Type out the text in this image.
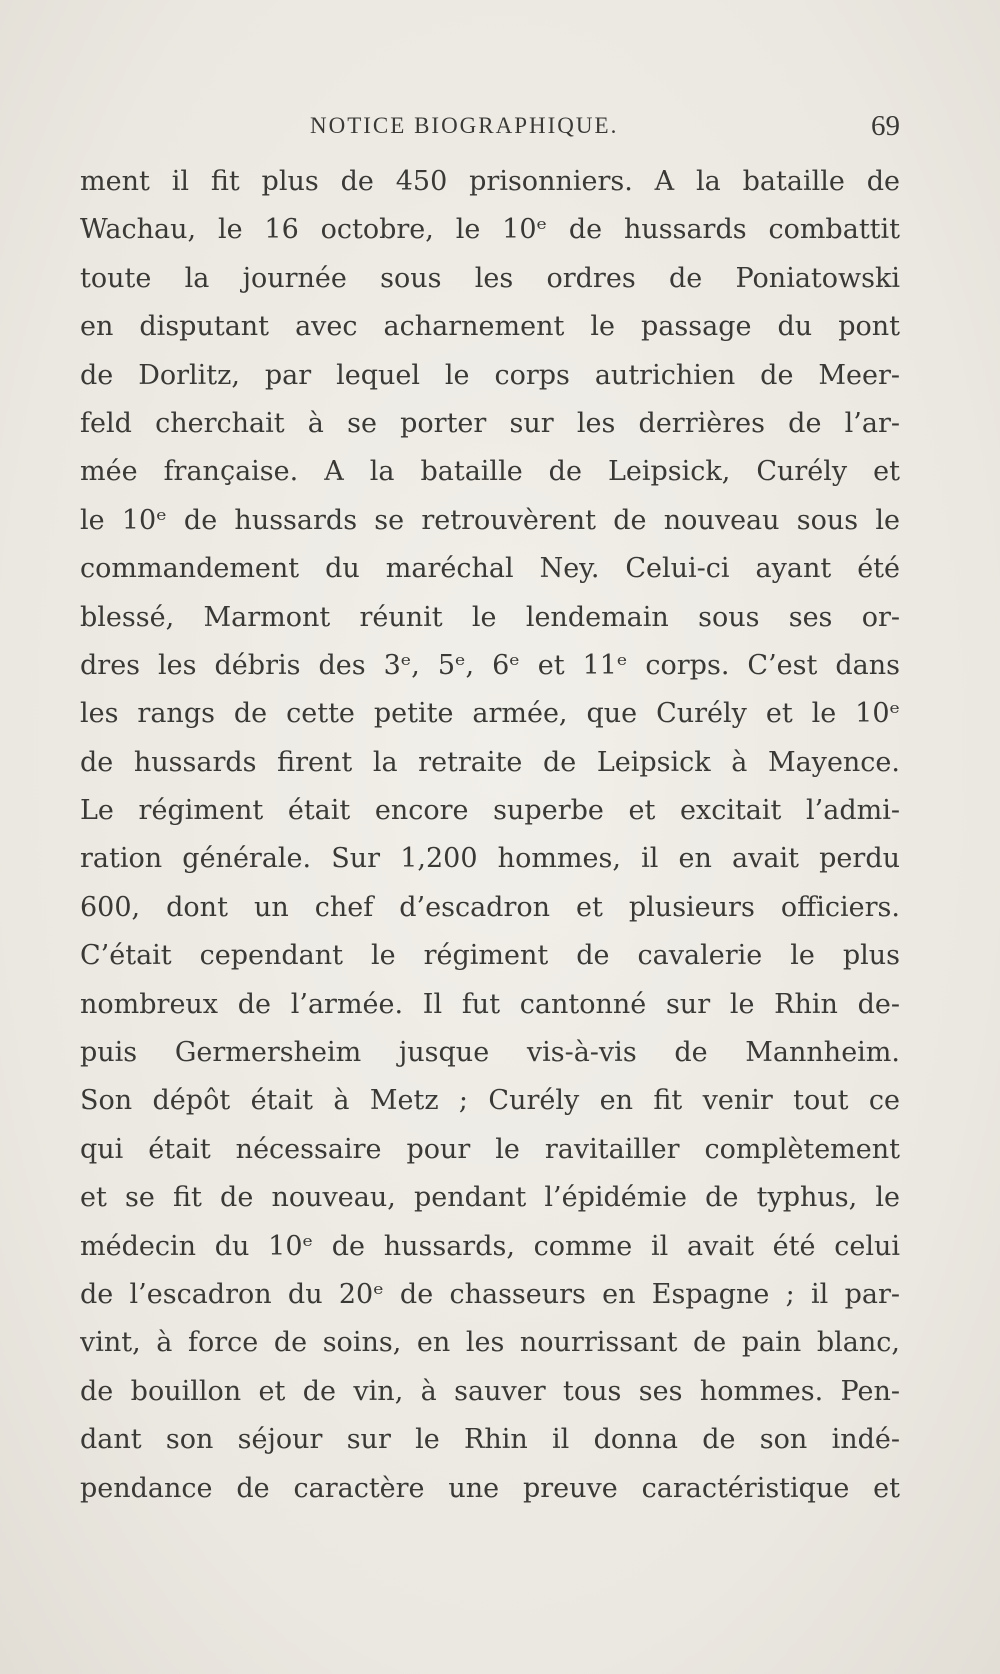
NOTICE BIOGRAPHIQUE.	69
ment il fit plus de 450 prisonniers. A la bataille de
Wachau, le 16 octobre, le 10ᵉ de hussards combattit
toute la journée sous les ordres de Poniatowski
en disputant avec acharnement le passage du pont
de Dorlitz, par lequel le corps autrichien de Meer-
feld cherchait à se porter sur les derrières de l’ar-
mée française. A la bataille de Leipsick, Curély et
le 10ᵉ de hussards se retrouvèrent de nouveau sous le
commandement du maréchal Ney. Celui-ci ayant été
blessé, Marmont réunit le lendemain sous ses or-
dres les débris des 3ᵉ, 5ᵉ, 6ᵉ et 11ᵉ corps. C’est dans
les rangs de cette petite armée, que Curély et le 10ᵉ
de hussards firent la retraite de Leipsick à Mayence.
Le régiment était encore superbe et excitait l’admi-
ration générale. Sur 1,200 hommes, il en avait perdu
600, dont un chef d’escadron et plusieurs officiers.
C’était cependant le régiment de cavalerie le plus
nombreux de l’armée. Il fut cantonné sur le Rhin de-
puis Germersheim jusque vis-à-vis de Mannheim.
Son dépôt était à Metz ; Curély en fit venir tout ce
qui était nécessaire pour le ravitailler complètement
et se fit de nouveau, pendant l’épidémie de typhus, le
médecin du 10ᵉ de hussards, comme il avait été celui
de l’escadron du 20ᵉ de chasseurs en Espagne ; il par-
vint, à force de soins, en les nourrissant de pain blanc,
de bouillon et de vin, à sauver tous ses hommes. Pen-
dant son séjour sur le Rhin il donna de son indé-
pendance de caractère une preuve caractéristique et
